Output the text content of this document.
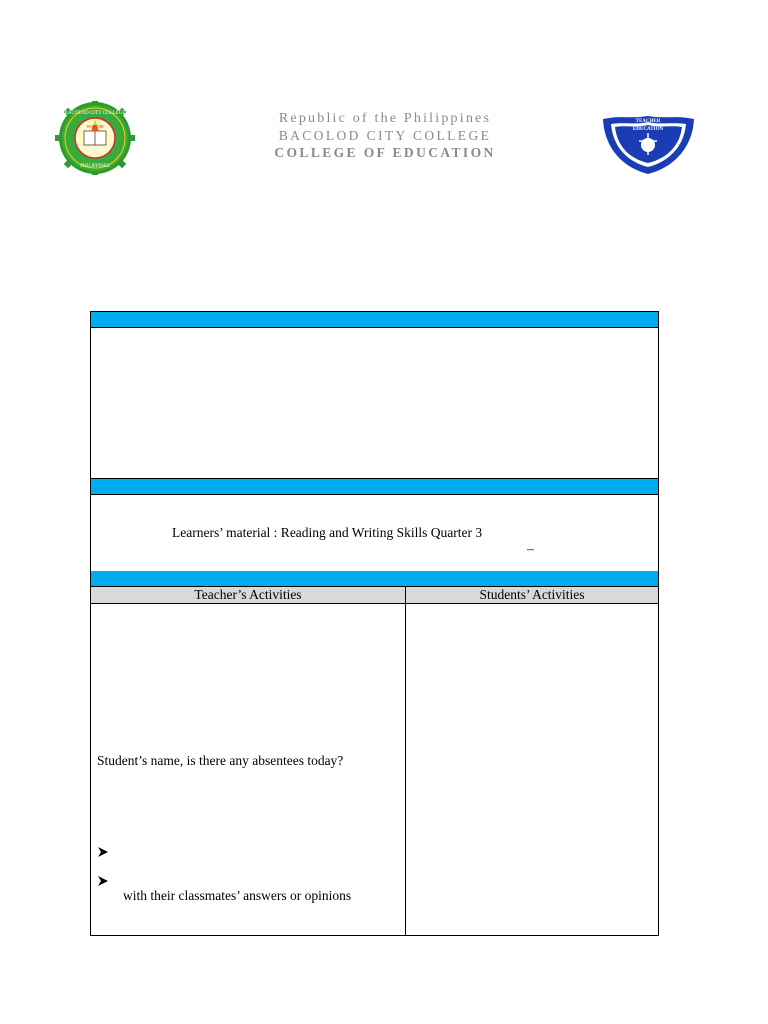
BACOLOD CITY COLLEGE
PHILIPPINES
WISDOM
Republic of the Philippines
BACOLOD CITY COLLEGE
COLLEGE OF EDUCATION
TEACHER
EDUCATION
Learners’ material : Reading and Writing Skills Quarter 3
–
Teacher’s Activities	Students’ Activities
Student’s name, is there any absentees today?
with their classmates’ answers or opinions
